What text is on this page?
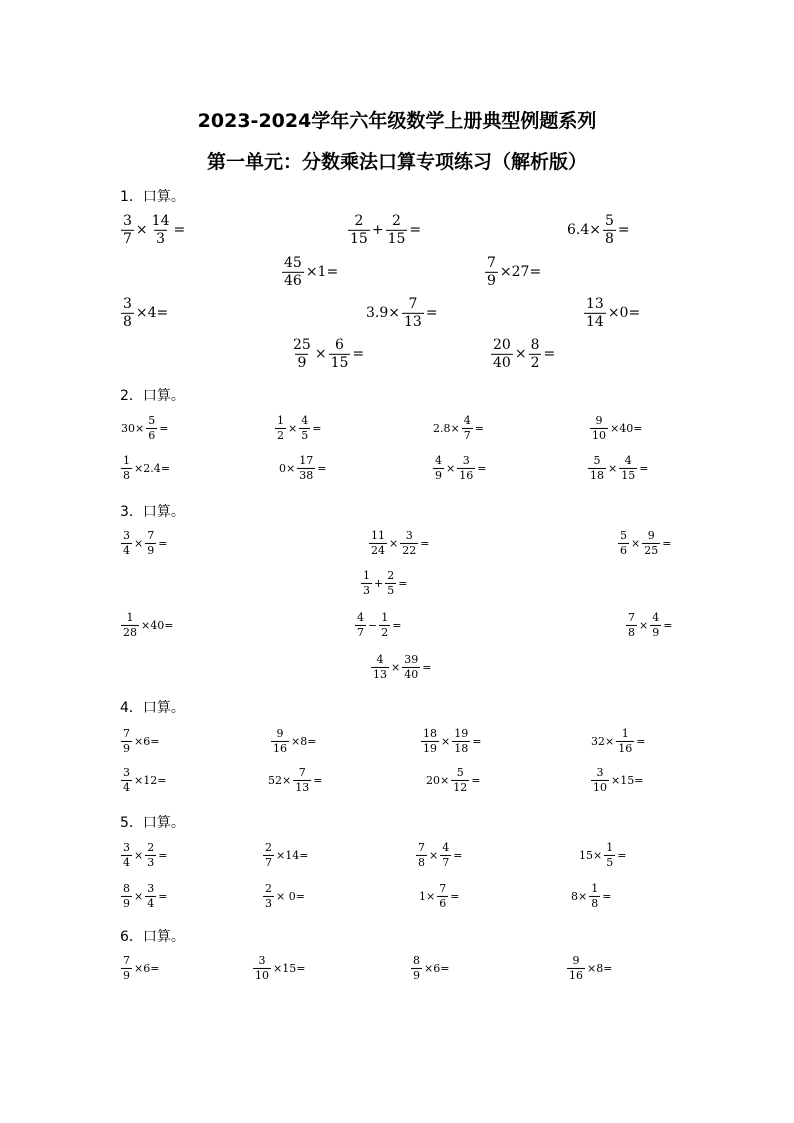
2023-2024学年六年级数学上册典型例题系列
第一单元：分数乘法口算专项练习（解析版）
1．口算。
$\frac{3}{7} \times \frac{14}{3}$ =	$\frac{2}{15} + \frac{2}{15}$ =	$6.4\times \frac{5}{8}$ =
$\frac{45}{46} \times 1=$	$\frac{7}{9} \times 27=$
$\frac{3}{8} \times 4=$	$3.9\times \frac{7}{13}$ =	$\frac{13}{14} \times 0=$
$\frac{25}{9} \times \frac{6}{15}$ =	$\frac{20}{40} \times \frac{8}{2}$ =
2．口算。
$30\times \frac{5}{6}$ =	$\frac{1}{2} \times \frac{4}{5}$ =	$2.8\times \frac{4}{7}$ =	$\frac{9}{10} \times 40=$
$\frac{1}{8} \times 2.4=$	$0\times \frac{17}{38}$ =	$\frac{4}{9} \times \frac{3}{16}$ =	$\frac{5}{18} \times \frac{4}{15}$ =
3．口算。
$\frac{3}{4} \times \frac{7}{9}$ =	$\frac{11}{24} \times \frac{3}{22}$ =	$\frac{5}{6} \times \frac{9}{25}$ =
$\frac{1}{3} + \frac{2}{5}$ =
$\frac{1}{28} \times 40=$	$\frac{4}{7} - \frac{1}{2}$ =	$\frac{7}{8} \times \frac{4}{9}$ =
$\frac{4}{13} \times \frac{39}{40}$ =
4．口算。
$\frac{7}{9} \times 6=$	$\frac{9}{16} \times 8=$	$\frac{18}{19} \times \frac{19}{18}$ =	$32\times \frac{1}{16}$ =
$\frac{3}{4} \times 12=$	$52\times \frac{7}{13}$ =	$20\times \frac{5}{12}$ =	$\frac{3}{10} \times 15=$
5．口算。
$\frac{3}{4} \times \frac{2}{3}$ =	$\frac{2}{7} \times 14=$	$\frac{7}{8} \times \frac{4}{7}$ =	$15\times \frac{1}{5}$ =
$\frac{8}{9} \times \frac{3}{4}$ =	$\frac{2}{3} \times 0=$	$1\times \frac{7}{6}$ =	$8\times \frac{1}{8}$ =
6．口算。
$\frac{7}{9} \times 6=$	$\frac{3}{10} \times 15=$	$\frac{8}{9} \times 6=$	$\frac{9}{16} \times 8=$
